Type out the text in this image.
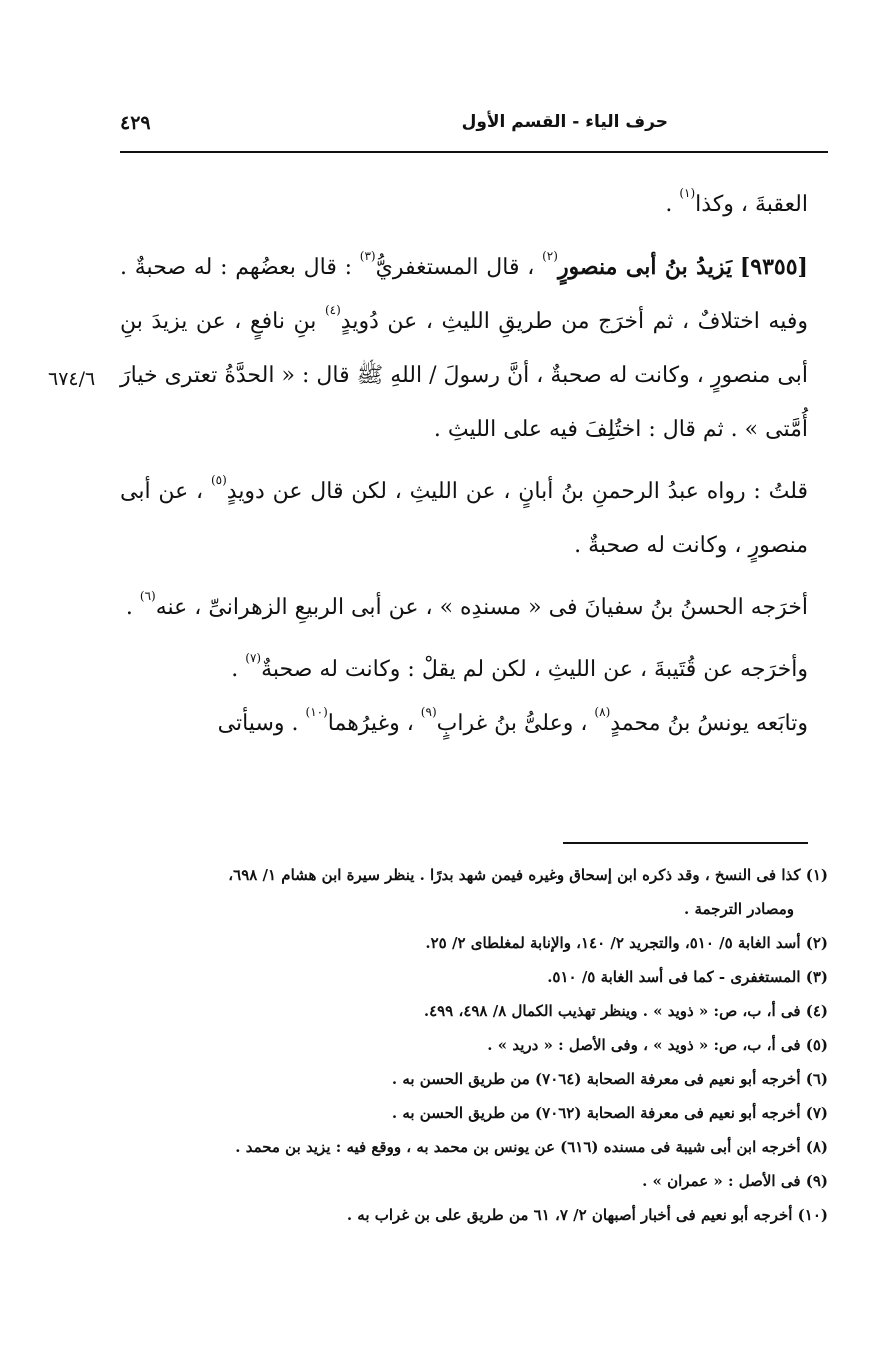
حرف الياء - القسم الأول
٤٢٩
٦٧٤/٦

العقبةَ ، وكذا$^{(١)}$ .

[٩٣٥٥] يَزيدُ بنُ أبى منصورٍ$^{(٢)}$ ، قال المستغفريُّ$^{(٣)}$ : قال بعضُهم : له صحبةٌ . وفيه اختلافٌ ، ثم أخرَج من طريقِ الليثِ ، عن دُويدٍ$^{(٤)}$ بنِ نافعٍ ، عن يزيدَ بنِ أبى منصورٍ ، وكانت له صحبةٌ ، أنَّ رسولَ / اللهِ ﷺ قال : « الحدَّةُ تعترى خيارَ أُمَّتى » . ثم قال : اختُلِفَ فيه على الليثِ .

قلتُ : رواه عبدُ الرحمنِ بنُ أبانٍ ، عن الليثِ ، لكن قال عن دويدٍ$^{(٥)}$ ، عن أبى منصورٍ ، وكانت له صحبةٌ .

أخرَجه الحسنُ بنُ سفيانَ فى « مسندِه » ، عن أبى الربيعِ الزهرانىِّ ، عنه$^{(٦)}$ .

وأخرَجه عن قُتَيبةَ ، عن الليثِ ، لكن لم يقلْ : وكانت له صحبةٌ$^{(٧)}$ .

وتابَعه يونسُ بنُ محمدٍ$^{(٨)}$ ، وعلىُّ بنُ غرابٍ$^{(٩)}$ ، وغيرُهما$^{(١٠)}$ . وسيأتى

(١) كذا فى النسخ ، وقد ذكره ابن إسحاق وغيره فيمن شهد بدرًا . ينظر سيرة ابن هشام ١/ ٦٩٨،
ومصادر الترجمة .
(٢) أسد الغابة ٥/ ٥١٠، والتجريد ٢/ ١٤٠، والإنابة لمغلطاى ٢/ ٢٥.
(٣) المستغفرى - كما فى أسد الغابة ٥/ ٥١٠.
(٤) فى أ، ب، ص: « ذويد » . وينظر تهذيب الكمال ٨/ ٤٩٨، ٤٩٩.
(٥) فى أ، ب، ص: « ذويد » ، وفى الأصل : « دريد » .
(٦) أخرجه أبو نعيم فى معرفة الصحابة (٧٠٦٤) من طريق الحسن به .
(٧) أخرجه أبو نعيم فى معرفة الصحابة (٧٠٦٢) من طريق الحسن به .
(٨) أخرجه ابن أبى شيبة فى مسنده (٦١٦) عن يونس بن محمد به ، ووقع فيه : يزيد بن محمد .
(٩) فى الأصل : « عمران » .
(١٠) أخرجه أبو نعيم فى أخبار أصبهان ٢/ ٧، ٦١ من طريق على بن غراب به .
